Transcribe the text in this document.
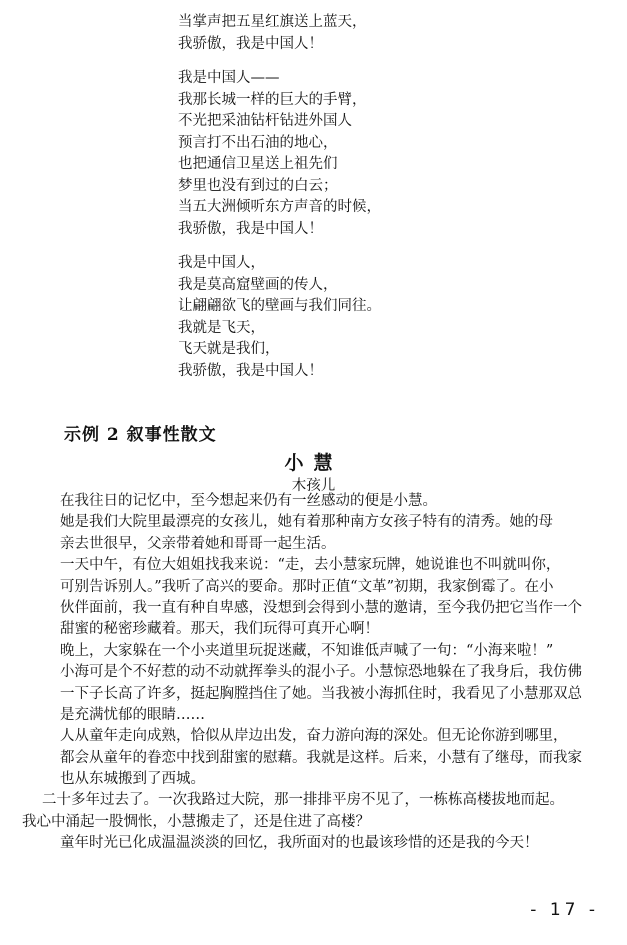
当掌声把五星红旗送上蓝天，
我骄傲，我是中国人！
我是中国人——
我那长城一样的巨大的手臂，
不光把采油钻杆钻进外国人
预言打不出石油的地心，
也把通信卫星送上祖先们
梦里也没有到过的白云；
当五大洲倾听东方声音的时候，
我骄傲，我是中国人！
我是中国人，
我是莫高窟壁画的传人，
让翩翩欲飞的壁画与我们同往。
我就是飞天，
飞天就是我们，
我骄傲，我是中国人！
示例 2 叙事性散文
小慧
木孩儿
在我往日的记忆中，至今想起来仍有一丝感动的便是小慧。
她是我们大院里最漂亮的女孩儿，她有着那种南方女孩子特有的清秀。她的母
亲去世很早，父亲带着她和哥哥一起生活。
一天中午，有位大姐姐找我来说：“走，去小慧家玩牌，她说谁也不叫就叫你，
可别告诉别人。”我听了高兴的要命。那时正值“文革”初期，我家倒霉了。在小
伙伴面前，我一直有种自卑感，没想到会得到小慧的邀请，至今我仍把它当作一个
甜蜜的秘密珍藏着。那天，我们玩得可真开心啊！
晚上，大家躲在一个小夹道里玩捉迷藏，不知谁低声喊了一句：“小海来啦！”
小海可是个不好惹的动不动就挥拳头的混小子。小慧惊恐地躲在了我身后，我仿佛
一下子长高了许多，挺起胸膛挡住了她。当我被小海抓住时，我看见了小慧那双总
是充满忧郁的眼睛……
人从童年走向成熟，恰似从岸边出发，奋力游向海的深处。但无论你游到哪里，
都会从童年的眷恋中找到甜蜜的慰藉。我就是这样。后来，小慧有了继母，而我家
也从东城搬到了西城。
二十多年过去了。一次我路过大院，那一排排平房不见了，一栋栋高楼拔地而起。
我心中涌起一股惆怅，小慧搬走了，还是住进了高楼？
童年时光已化成温温淡淡的回忆，我所面对的也最该珍惜的还是我的今天！
- 17 -
